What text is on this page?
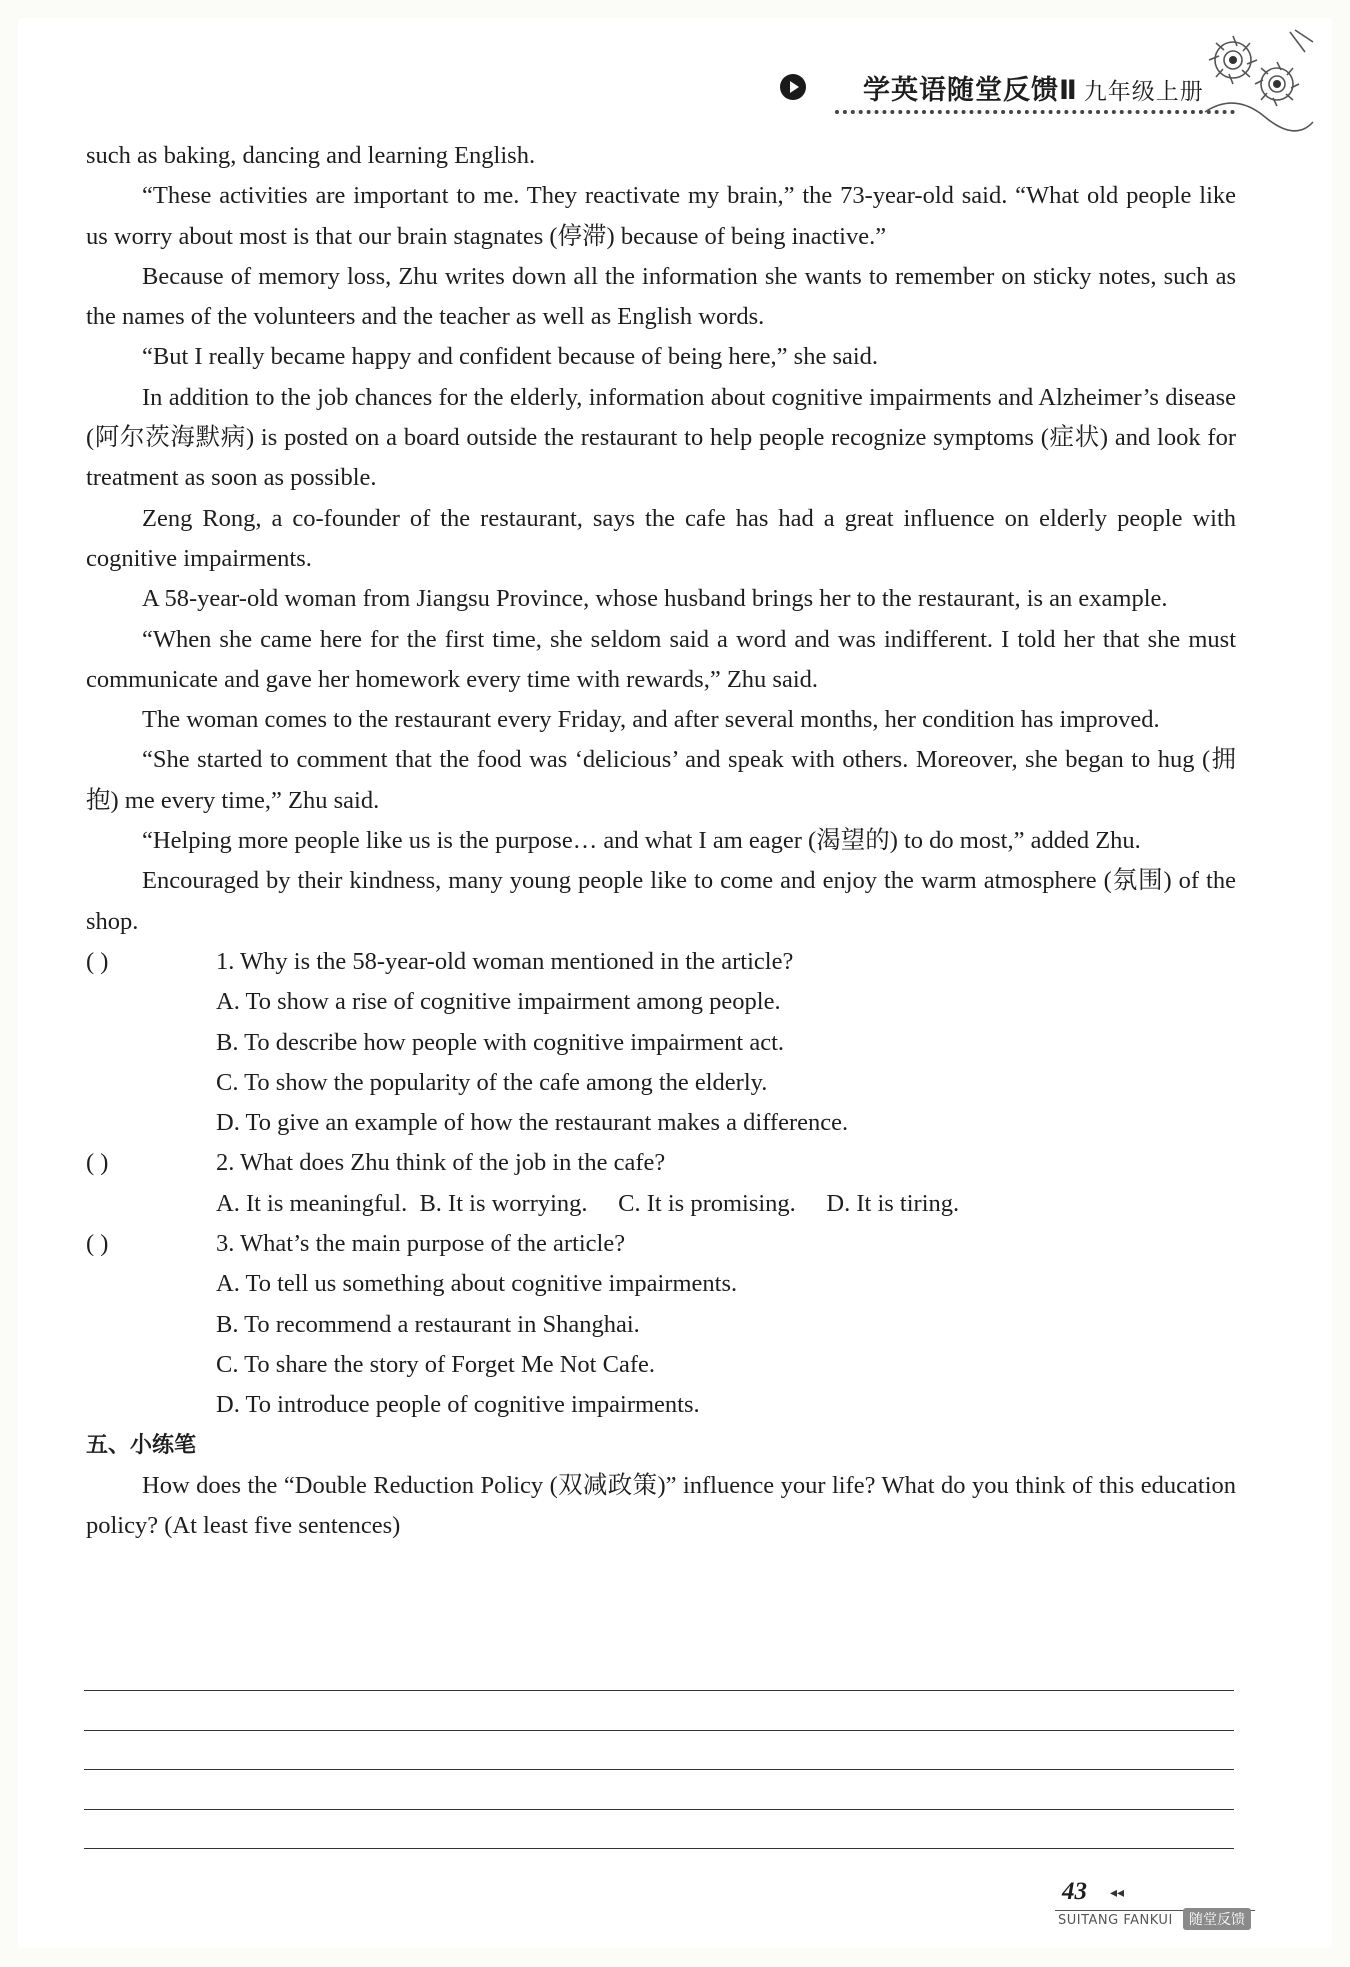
学英语随堂反馈Ⅱ 九年级上册

such as baking, dancing and learning English.

“These activities are important to me. They reactivate my brain,” the 73-year-old said. “What old people like us worry about most is that our brain stagnates (停滞) because of being inactive.”

Because of memory loss, Zhu writes down all the information she wants to remember on sticky notes, such as the names of the volunteers and the teacher as well as English words.

“But I really became happy and confident because of being here,” she said.

In addition to the job chances for the elderly, information about cognitive impairments and Alzheimer’s disease (阿尔茨海默病) is posted on a board outside the restaurant to help people recognize symptoms (症状) and look for treatment as soon as possible.

Zeng Rong, a co-founder of the restaurant, says the cafe has had a great influence on elderly people with cognitive impairments.

A 58-year-old woman from Jiangsu Province, whose husband brings her to the restaurant, is an example.

“When she came here for the first time, she seldom said a word and was indifferent. I told her that she must communicate and gave her homework every time with rewards,” Zhu said.

The woman comes to the restaurant every Friday, and after several months, her condition has improved.

“She started to comment that the food was ‘delicious’ and speak with others. Moreover, she began to hug (拥抱) me every time,” Zhu said.

“Helping more people like us is the purpose… and what I am eager (渴望的) to do most,” added Zhu.

Encouraged by their kindness, many young people like to come and enjoy the warm atmosphere (氛围) of the shop.

( )	1. Why is the 58-year-old woman mentioned in the article?
A. To show a rise of cognitive impairment among people.
B. To describe how people with cognitive impairment act.
C. To show the popularity of the cafe among the elderly.
D. To give an example of how the restaurant makes a difference.
( )	2. What does Zhu think of the job in the cafe?
A. It is meaningful.  B. It is worrying.     C. It is promising.     D. It is tiring.
( )	3. What’s the main purpose of the article?
A. To tell us something about cognitive impairments.
B. To recommend a restaurant in Shanghai.
C. To share the story of Forget Me Not Cafe.
D. To introduce people of cognitive impairments.

五、小练笔

How does the “Double Reduction Policy (双减政策)” influence your life? What do you think of this education policy? (At least five sentences)

43 ◂◂
SUITANG FANKUI	随堂反馈
